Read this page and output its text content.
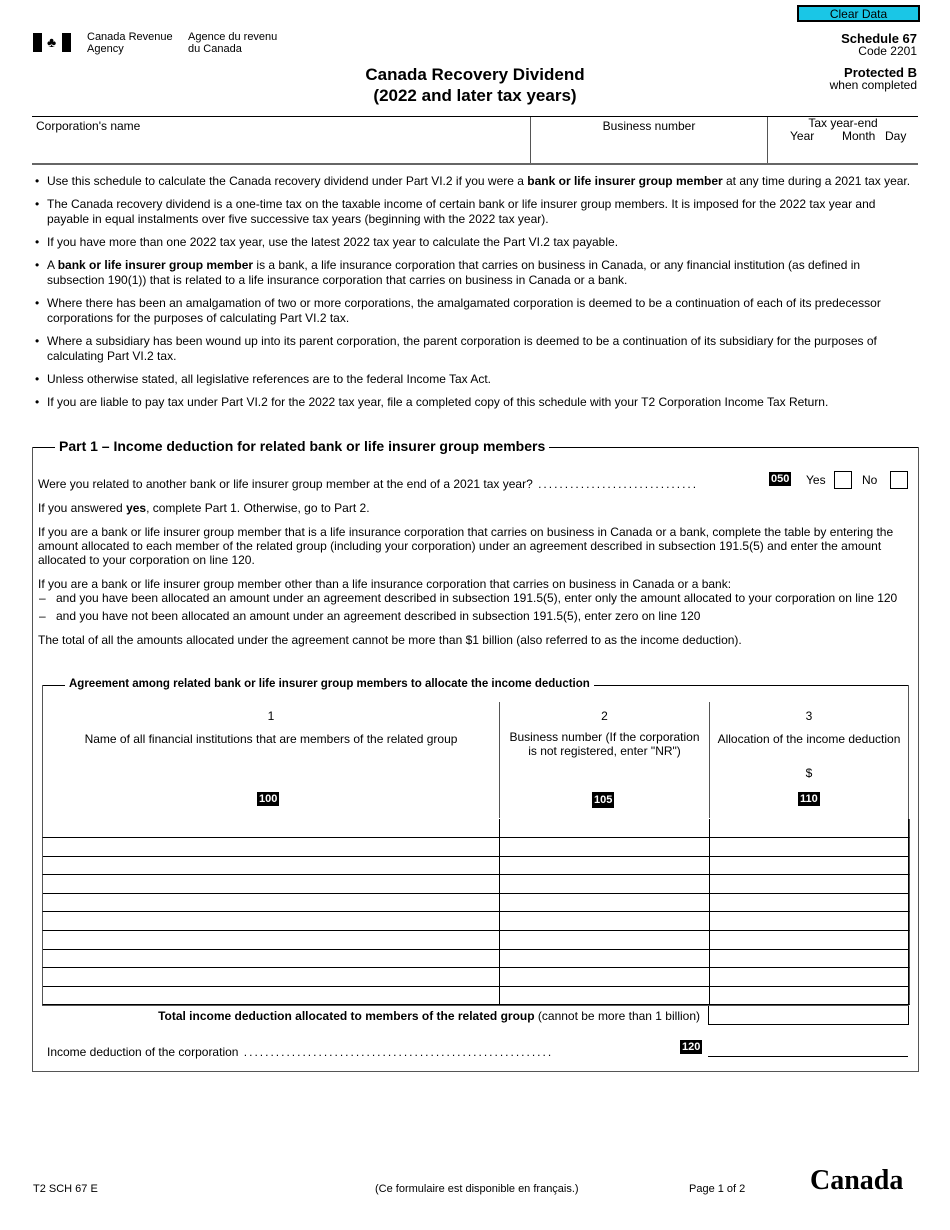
Clear Data
♣	Canada Revenue
Agency
Agence du revenu
du Canada
Schedule 67
Code 2201
Protected B
when completed
Canada Recovery Dividend
(2022 and later tax years)
Corporation's name	Business number	Tax year-end
Year Month Day
• Use this schedule to calculate the Canada recovery dividend under Part VI.2 if you were a bank or life insurer group member at any time during a 2021 tax year.
• The Canada recovery dividend is a one-time tax on the taxable income of certain bank or life insurer group members. It is imposed for the 2022 tax year and payable in equal instalments over five successive tax years (beginning with the 2022 tax year).
• If you have more than one 2022 tax year, use the latest 2022 tax year to calculate the Part VI.2 tax payable.
• A bank or life insurer group member is a bank, a life insurance corporation that carries on business in Canada, or any financial institution (as defined in subsection 190(1)) that is related to a life insurance corporation that carries on business in Canada or a bank.
• Where there has been an amalgamation of two or more corporations, the amalgamated corporation is deemed to be a continuation of each of its predecessor corporations for the purposes of calculating Part VI.2 tax.
• Where a subsidiary has been wound up into its parent corporation, the parent corporation is deemed to be a continuation of its subsidiary for the purposes of calculating Part VI.2 tax.
• Unless otherwise stated, all legislative references are to the federal Income Tax Act.
• If you are liable to pay tax under Part VI.2 for the 2022 tax year, file a completed copy of this schedule with your T2 Corporation Income Tax Return.
Part 1 – Income deduction for related bank or life insurer group members
Were you related to another bank or life insurer group member at the end of a 2021 tax year? ..............................	050 Yes	No
If you answered yes, complete Part 1. Otherwise, go to Part 2.
If you are a bank or life insurer group member that is a life insurance corporation that carries on business in Canada or a bank, complete the table by entering the amount allocated to each member of the related group (including your corporation) under an agreement described in subsection 191.5(5) and enter the amount allocated to your corporation on line 120.
If you are a bank or life insurer group member other than a life insurance corporation that carries on business in Canada or a bank:
– and you have been allocated an amount under an agreement described in subsection 191.5(5), enter only the amount allocated to your corporation on line 120
– and you have not been allocated an amount under an agreement described in subsection 191.5(5), enter zero on line 120
The total of all the amounts allocated under the agreement cannot be more than $1 billion (also referred to as the income deduction).
Agreement among related bank or life insurer group members to allocate the income deduction
1
Name of all financial institutions that are members of the related group
100
2
Business number (If the corporation is not registered, enter "NR")
105
3
Allocation of the income deduction
$
110
Total income deduction allocated to members of the related group (cannot be more than 1 billion)
Income deduction of the corporation ..........................................................	120
T2 SCH 67 E	(Ce formulaire est disponible en français.)	Page 1 of 2 Canada
